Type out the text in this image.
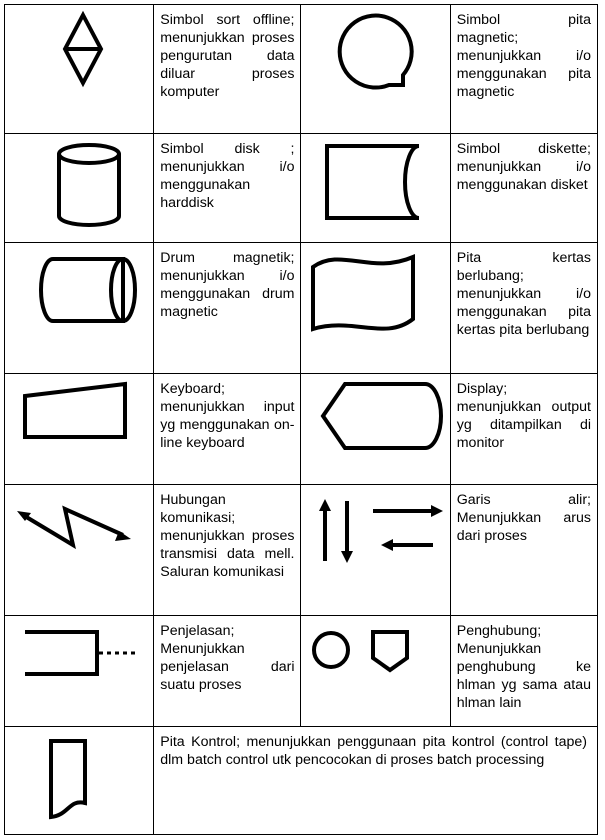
Simbol sort offline; menunjukkan proses pengurutan data diluar proses komputer		Simbol pita magnetic; menunjukkan i/o menggunakan pita magnetic

Simbol disk ; menunjukkan i/o menggunakan harddisk		Simbol diskette; menunjukkan i/o menggunakan disket

Drum magnetik; menunjukkan i/o menggunakan drum magnetic		Pita kertas berlubang; menunjukkan i/o menggunakan pita kertas pita berlubang

Keyboard; menunjukkan input yg menggunakan on-line keyboard		Display; menunjukkan output yg ditampilkan di monitor

Hubungan komunikasi; menunjukkan proses transmisi data mell. Saluran komunikasi		Garis alir; Menunjukkan arus dari proses

Penjelasan; Menunjukkan penjelasan dari suatu proses		Penghubung; Menunjukkan penghubung ke hlman yg sama atau hlman lain

Pita Kontrol; menunjukkan penggunaan pita kontrol (control tape) dlm batch control utk pencocokan di proses batch processing		
